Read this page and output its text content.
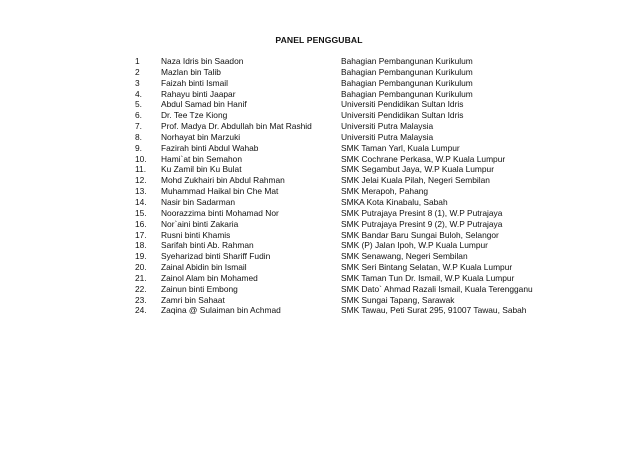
PANEL PENGGUBAL
1	Naza Idris bin Saadon	Bahagian Pembangunan Kurikulum
2	Mazlan bin Talib	Bahagian Pembangunan Kurikulum
3	Faizah binti Ismail	Bahagian Pembangunan Kurikulum
4.	Rahayu binti Jaapar	Bahagian Pembangunan Kurikulum
5.	Abdul Samad bin Hanif	Universiti Pendidikan Sultan Idris
6.	Dr. Tee Tze Kiong	Universiti Pendidikan Sultan Idris
7.	Prof. Madya Dr. Abdullah bin Mat Rashid	Universiti Putra Malaysia
8.	Norhayat bin Marzuki	Universiti Putra Malaysia
9.	Fazirah binti Abdul Wahab	SMK Taman Yarl, Kuala Lumpur
10.	Hami`at bin Semahon	SMK Cochrane Perkasa, W.P Kuala Lumpur
11.	Ku Zamil bin Ku Bulat	SMK Segambut Jaya, W.P Kuala Lumpur
12.	Mohd Zukhairi bin Abdul Rahman	SMK Jelai Kuala Pilah, Negeri Sembilan
13.	Muhammad Haikal bin Che Mat	SMK Merapoh, Pahang
14.	Nasir bin Sadarman	SMKA Kota Kinabalu, Sabah
15.	Noorazzima binti Mohamad Nor	SMK Putrajaya Presint 8 (1), W.P Putrajaya
16.	Nor`aini binti Zakaria	SMK Putrajaya Presint 9 (2), W.P Putrajaya
17.	Rusni binti Khamis	SMK Bandar Baru Sungai Buloh, Selangor
18.	Sarifah binti Ab. Rahman	SMK (P) Jalan Ipoh, W.P Kuala Lumpur
19.	Syeharizad binti Shariff Fudin	SMK Senawang, Negeri Sembilan
20.	Zainal Abidin bin Ismail	SMK Seri Bintang Selatan, W.P Kuala Lumpur
21.	Zainol Alam bin Mohamed	SMK Taman Tun Dr. Ismail, W.P Kuala Lumpur
22.	Zainun binti Embong	SMK Dato` Ahmad Razali Ismail, Kuala Terengganu
23.	Zamri bin Sahaat	SMK Sungai Tapang, Sarawak
24.	Zaqina @ Sulaiman bin Achmad	SMK Tawau, Peti Surat 295, 91007 Tawau, Sabah
